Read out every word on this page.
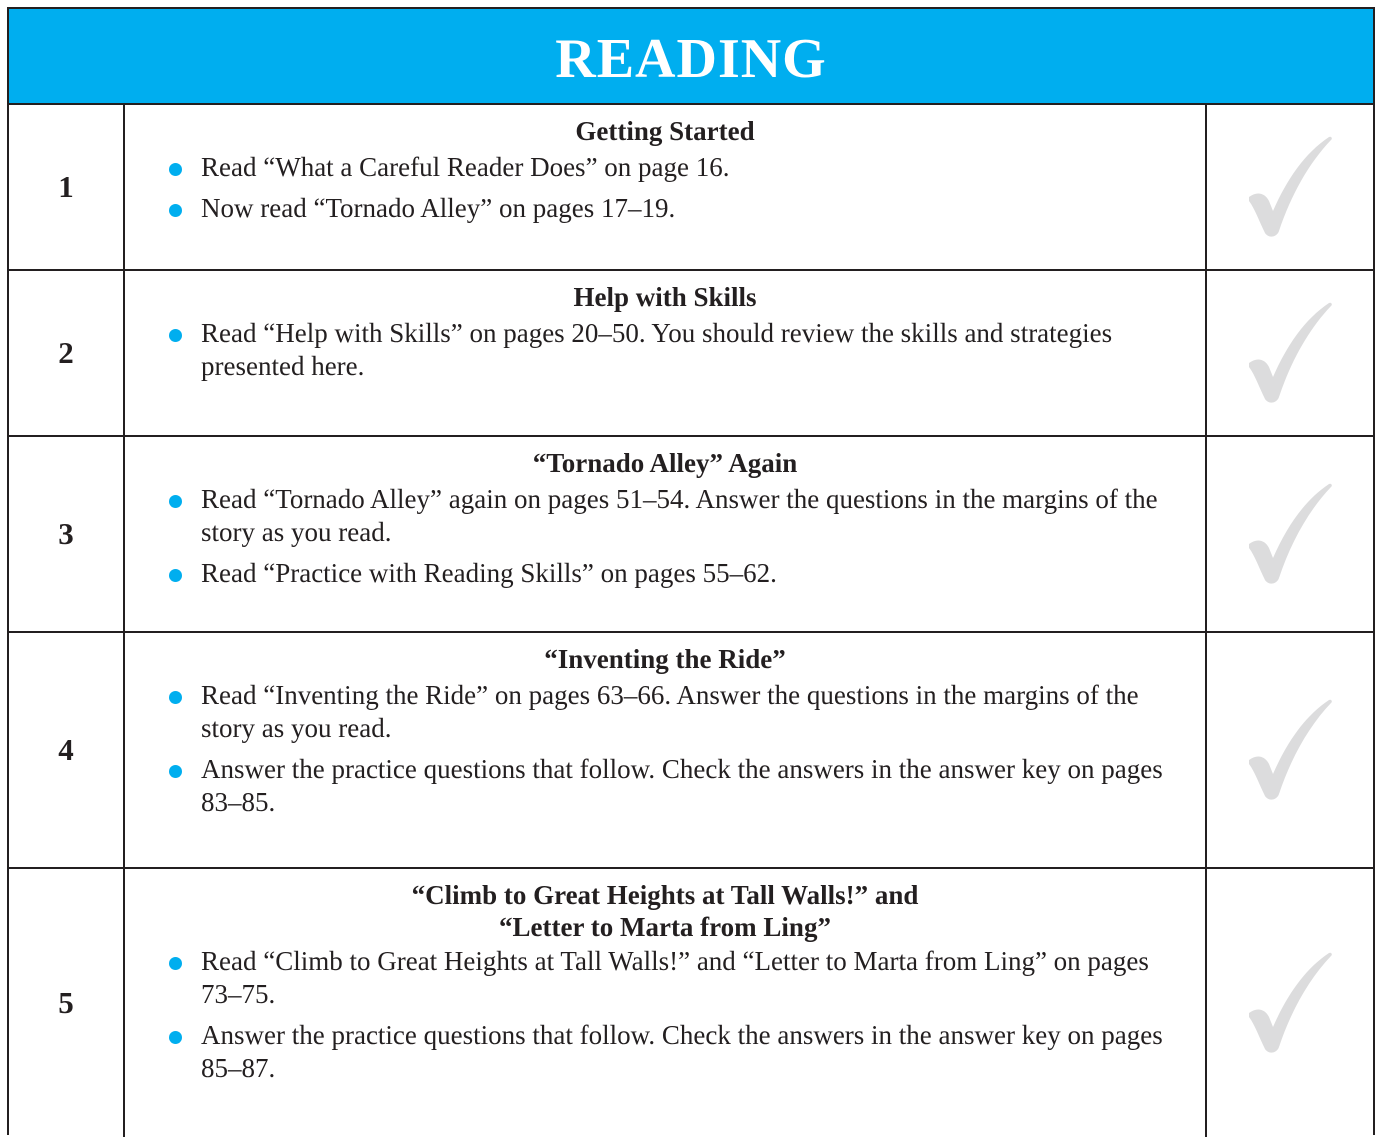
READING
1
Getting Started
Read “What a Careful Reader Does” on page 16.
Now read “Tornado Alley” on pages 17–19.
2
Help with Skills
Read “Help with Skills” on pages 20–50. You should review the skills and strategies presented here.
3
“Tornado Alley” Again
Read “Tornado Alley” again on pages 51–54. Answer the questions in the margins of the story as you read.
Read “Practice with Reading Skills” on pages 55–62.
4
“Inventing the Ride”
Read “Inventing the Ride” on pages 63–66. Answer the questions in the margins of the story as you read.
Answer the practice questions that follow. Check the answers in the answer key on pages 83–85.
5
“Climb to Great Heights at Tall Walls!” and
“Letter to Marta from Ling”
Read “Climb to Great Heights at Tall Walls!” and “Letter to Marta from Ling” on pages 73–75.
Answer the practice questions that follow. Check the answers in the answer key on pages 85–87.
